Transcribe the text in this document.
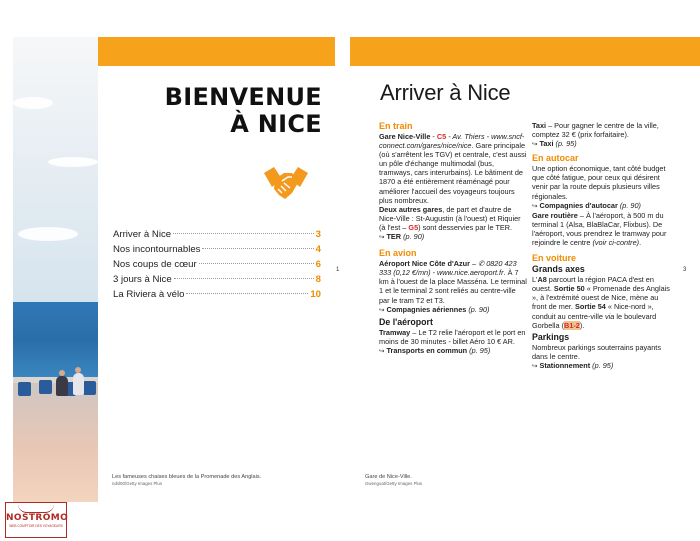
BIENVENUE
À NICE
Arriver à Nice	3
Nos incontournables	4
Nos coups de cœur	6
3 jours à Nice	8
La Riviera à vélo	10
1
Les fameuses chaises bleues de la Promenade des Anglais.
ndsl00/Getty Images Plus
Arriver à Nice

En train

Gare Nice-Ville - C5 - Av. Thiers - www.sncf-connect.com/gares/nice/nice. Gare principale (où s'arrêtent les TGV) et centrale, c'est aussi un pôle d'échange multimodal (bus, tramways, cars interurbains). Le bâtiment de 1870 a été entièrement réaménagé pour améliorer l'accueil des voyageurs toujours plus nombreux.

Deux autres gares, de part et d'autre de Nice-Ville : St-Augustin (à l'ouest) et Riquier (à l'est – G5) sont desservies par le TER.

↪ TER (p. 90)

En avion

Aéroport Nice Côte d'Azur – ✆ 0820 423 333 (0,12 €/mn) - www.nice.aeroport.fr. À 7 km à l'ouest de la place Masséna. Le terminal 1 et le terminal 2 sont reliés au centre-ville par le tram T2 et T3.

↪ Compagnies aériennes (p. 90)

De l'aéroport

Tramway – Le T2 relie l'aéroport et le port en moins de 30 minutes - billet Aéro 10 € AR.

↪ Transports en commun (p. 95)

Taxi – Pour gagner le centre de la ville, comptez 32 € (prix forfaitaire).

↪ Taxi (p. 95)

En autocar

Une option économique, tant côté budget que côté fatigue, pour ceux qui désirent venir par la route depuis plusieurs villes régionales.

↪ Compagnies d'autocar (p. 90)

Gare routière – À l'aéroport, à 500 m du terminal 1 (Alsa, BlaBlaCar, Flixbus). De l'aéroport, vous prendrez le tramway pour rejoindre le centre (voir ci-contre).

En voiture

Grands axes

L'A8 parcourt la région PACA d'est en ouest. Sortie 50 « Promenade des Anglais », à l'extrémité ouest de Nice, mène au front de mer. Sortie 54 « Nice-nord », conduit au centre-ville via le boulevard Gorbella (B1-2).

Parkings

Nombreux parkings souterrains payants dans le centre.

↪ Stationnement (p. 95)

3
Gare de Nice-Ville.
Gwengoat/Getty Images Plus
NOSTROMO
WEB COMPTOIR DES VOYAGEURS
